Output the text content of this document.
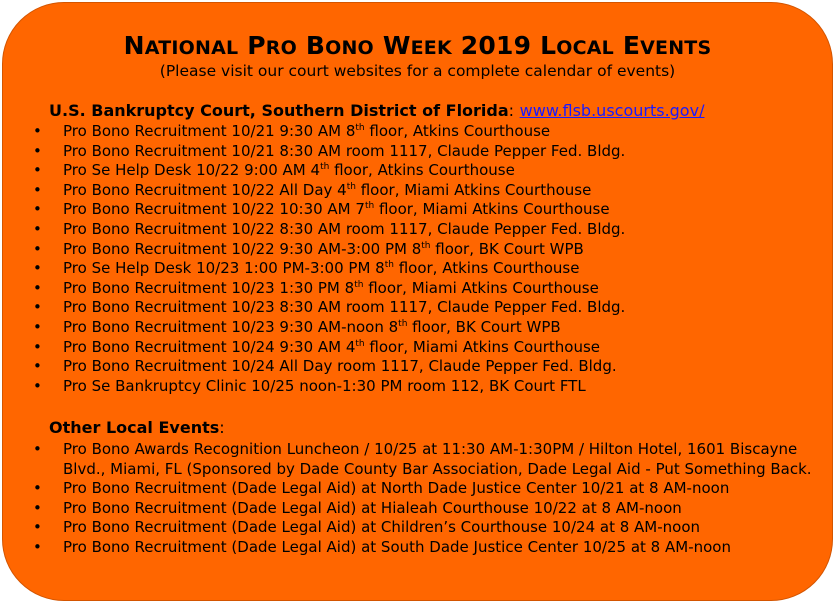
NATIONAL PRO BONO WEEK 2019 LOCAL EVENTS
(Please visit our court websites for a complete calendar of events)
U.S. Bankruptcy Court, Southern District of Florida: www.flsb.uscourts.gov/
• Pro Bono Recruitment 10/21 9:30 AM 8th floor, Atkins Courthouse
• Pro Bono Recruitment 10/21 8:30 AM room 1117, Claude Pepper Fed. Bldg.
• Pro Se Help Desk 10/22 9:00 AM 4th floor, Atkins Courthouse
• Pro Bono Recruitment 10/22 All Day 4th floor, Miami Atkins Courthouse
• Pro Bono Recruitment 10/22 10:30 AM 7th floor, Miami Atkins Courthouse
• Pro Bono Recruitment 10/22 8:30 AM room 1117, Claude Pepper Fed. Bldg.
• Pro Bono Recruitment 10/22 9:30 AM-3:00 PM 8th floor, BK Court WPB
• Pro Se Help Desk 10/23 1:00 PM-3:00 PM 8th floor, Atkins Courthouse
• Pro Bono Recruitment 10/23 1:30 PM 8th floor, Miami Atkins Courthouse
• Pro Bono Recruitment 10/23 8:30 AM room 1117, Claude Pepper Fed. Bldg.
• Pro Bono Recruitment 10/23 9:30 AM-noon 8th floor, BK Court WPB
• Pro Bono Recruitment 10/24 9:30 AM 4th floor, Miami Atkins Courthouse
• Pro Bono Recruitment 10/24 All Day room 1117, Claude Pepper Fed. Bldg.
• Pro Se Bankruptcy Clinic 10/25 noon-1:30 PM room 112, BK Court FTL
Other Local Events:
• Pro Bono Awards Recognition Luncheon / 10/25 at 11:30 AM-1:30PM / Hilton Hotel, 1601 Biscayne Blvd., Miami, FL (Sponsored by Dade County Bar Association, Dade Legal Aid - Put Something Back.
• Pro Bono Recruitment (Dade Legal Aid) at North Dade Justice Center 10/21 at 8 AM-noon
• Pro Bono Recruitment (Dade Legal Aid) at Hialeah Courthouse 10/22 at 8 AM-noon
• Pro Bono Recruitment (Dade Legal Aid) at Children’s Courthouse 10/24 at 8 AM-noon
• Pro Bono Recruitment (Dade Legal Aid) at South Dade Justice Center 10/25 at 8 AM-noon
